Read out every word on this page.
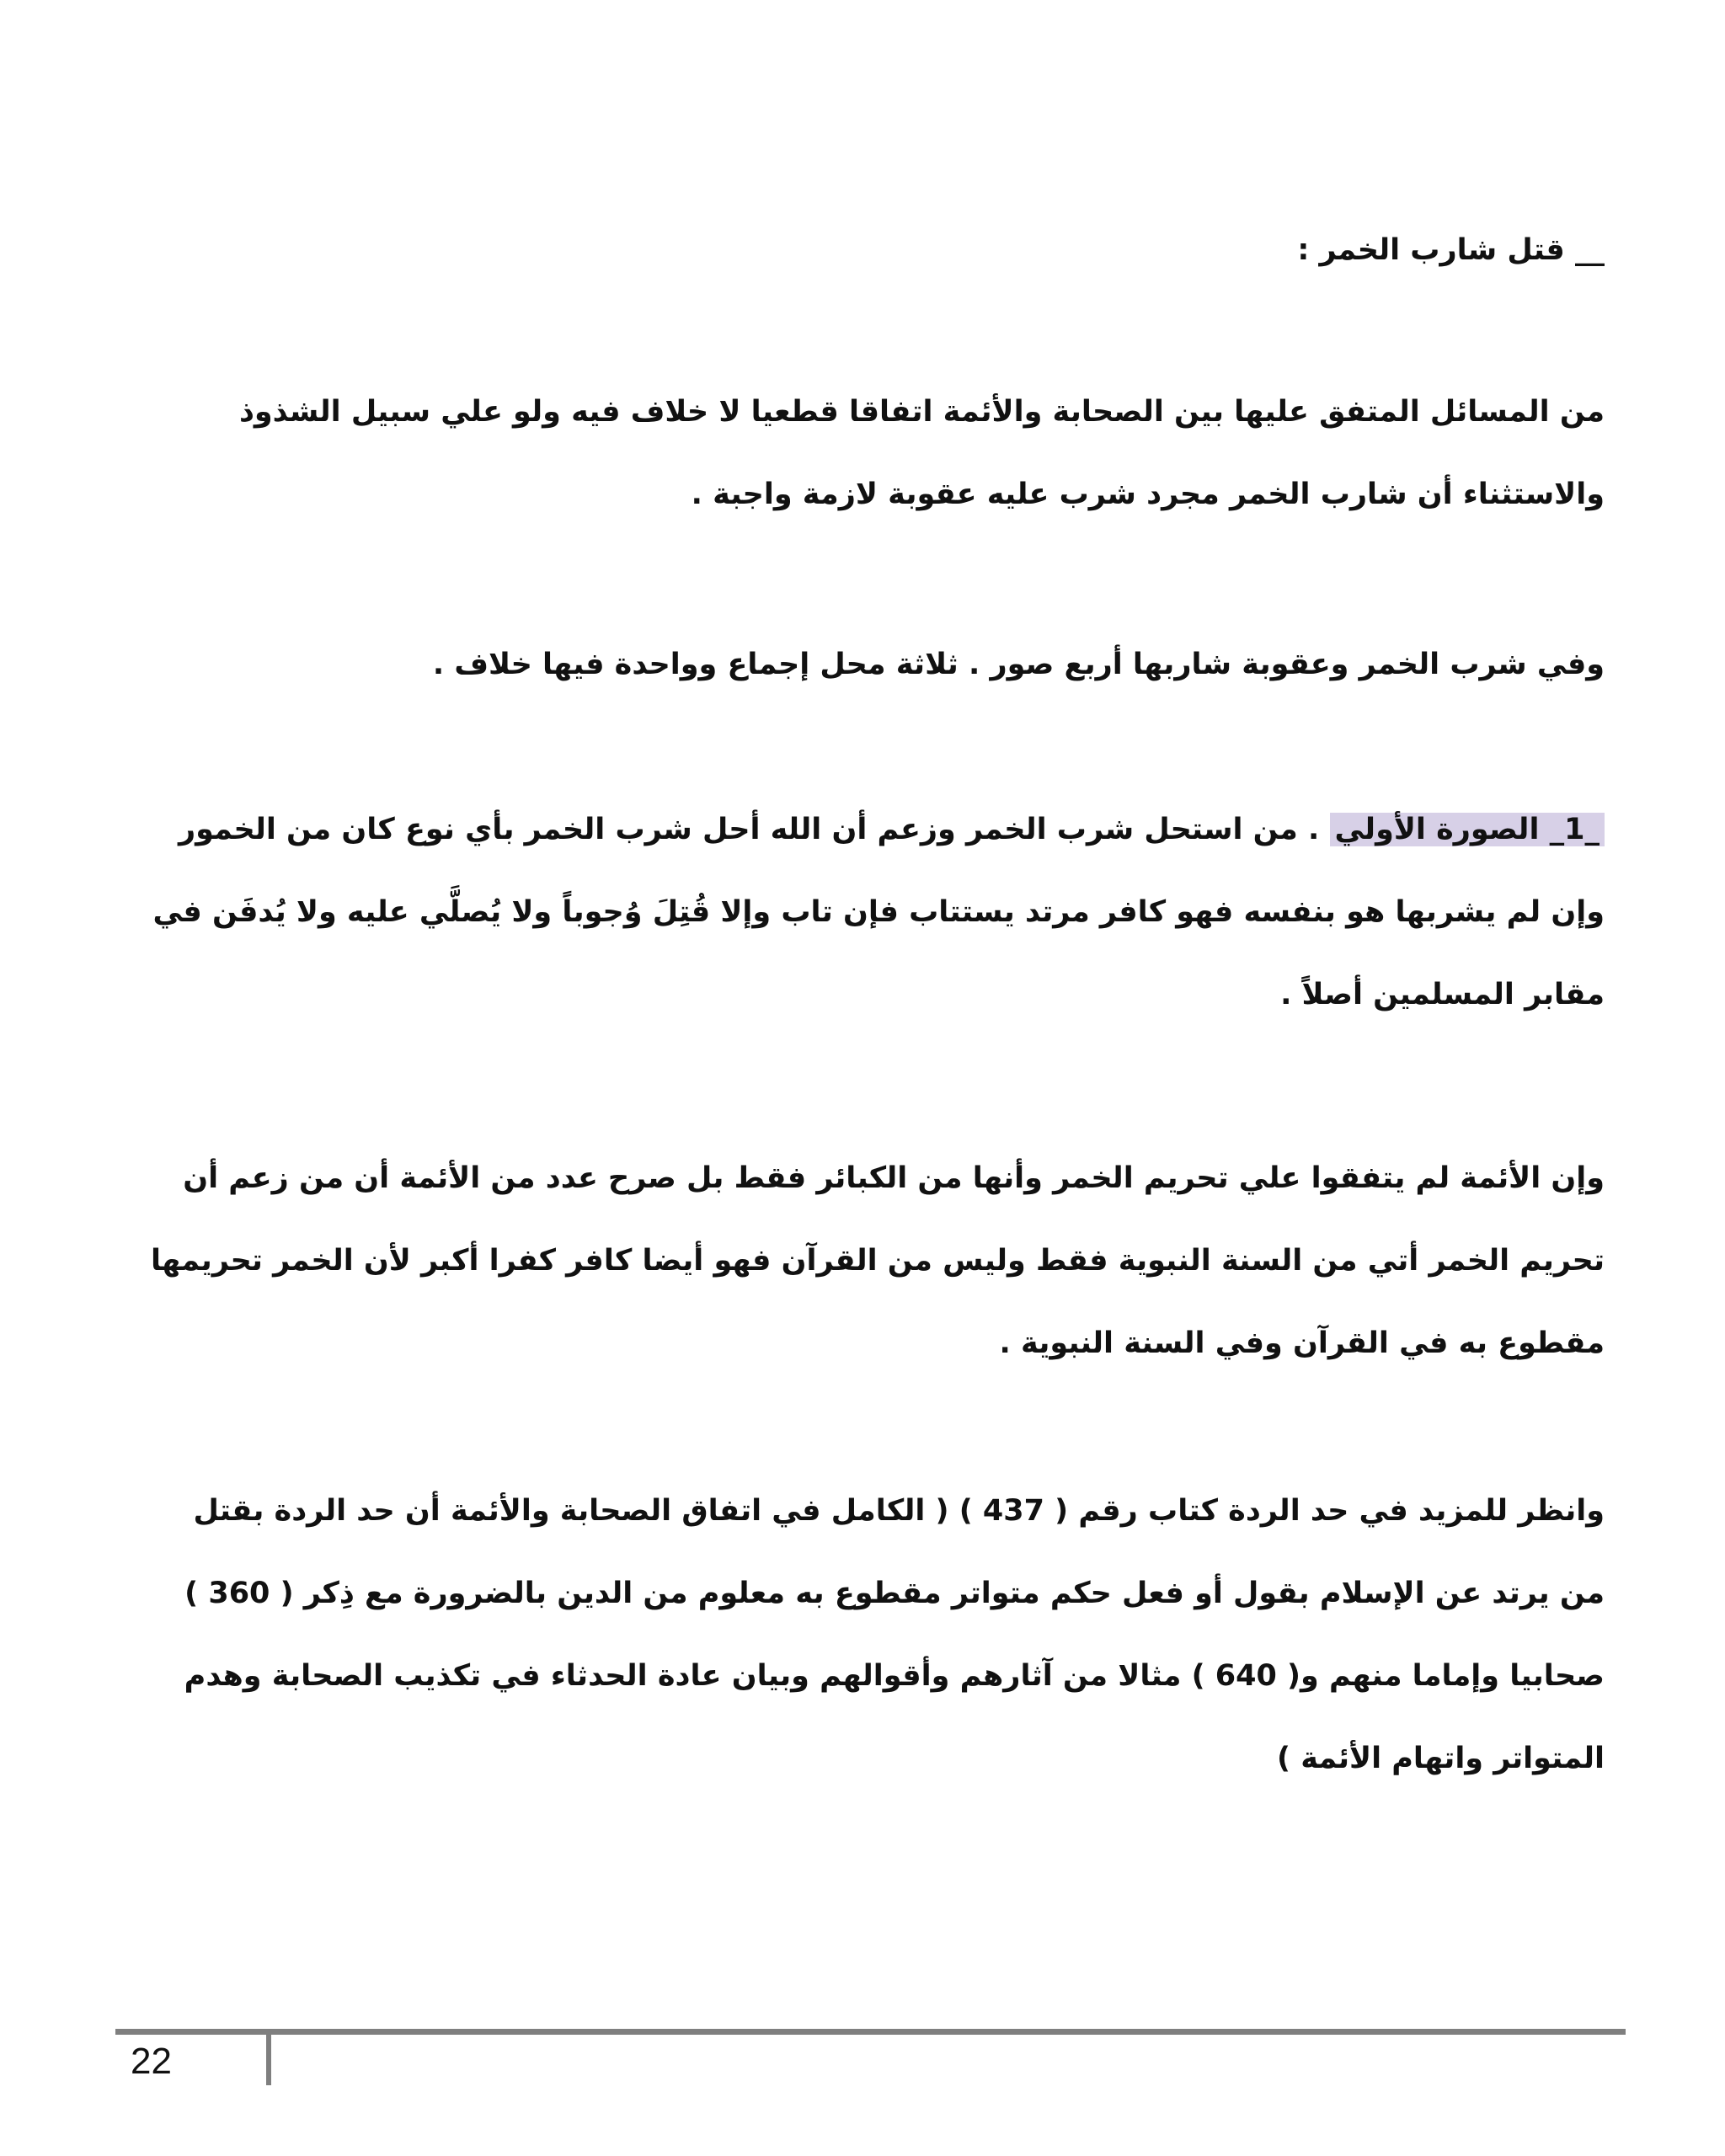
__ قتل شارب الخمر :

من المسائل المتفق عليها بين الصحابة والأئمة اتفاقا قطعيا لا خلاف فيه ولو علي سبيل الشذوذ والاستثناء أن شارب الخمر مجرد شرب عليه عقوبة لازمة واجبة .

وفي شرب الخمر وعقوبة شاربها أربع صور . ثلاثة محل إجماع وواحدة فيها خلاف .

_1_ الصورة الأولي . من استحل شرب الخمر وزعم أن الله أحل شرب الخمر بأي نوع كان من الخمور وإن لم يشربها هو بنفسه فهو كافر مرتد يستتاب فإن تاب وإلا قُتِلَ وُجوباً ولا يُصلَّي عليه ولا يُدفَن في مقابر المسلمين أصلاً .

وإن الأئمة لم يتفقوا علي تحريم الخمر وأنها من الكبائر فقط بل صرح عدد من الأئمة أن من زعم أن تحريم الخمر أتي من السنة النبوية فقط وليس من القرآن فهو أيضا كافر كفرا أكبر لأن الخمر تحريمها مقطوع به في القرآن وفي السنة النبوية .

وانظر للمزيد في حد الردة كتاب رقم ( 437 ) ( الكامل في اتفاق الصحابة والأئمة أن حد الردة بقتل من يرتد عن الإسلام بقول أو فعل حكم متواتر مقطوع به معلوم من الدين بالضرورة مع ذِكر ( 360 ) صحابيا وإماما منهم و( 640 ) مثالا من آثارهم وأقوالهم وبيان عادة الحدثاء في تكذيب الصحابة وهدم المتواتر واتهام الأئمة )

22
